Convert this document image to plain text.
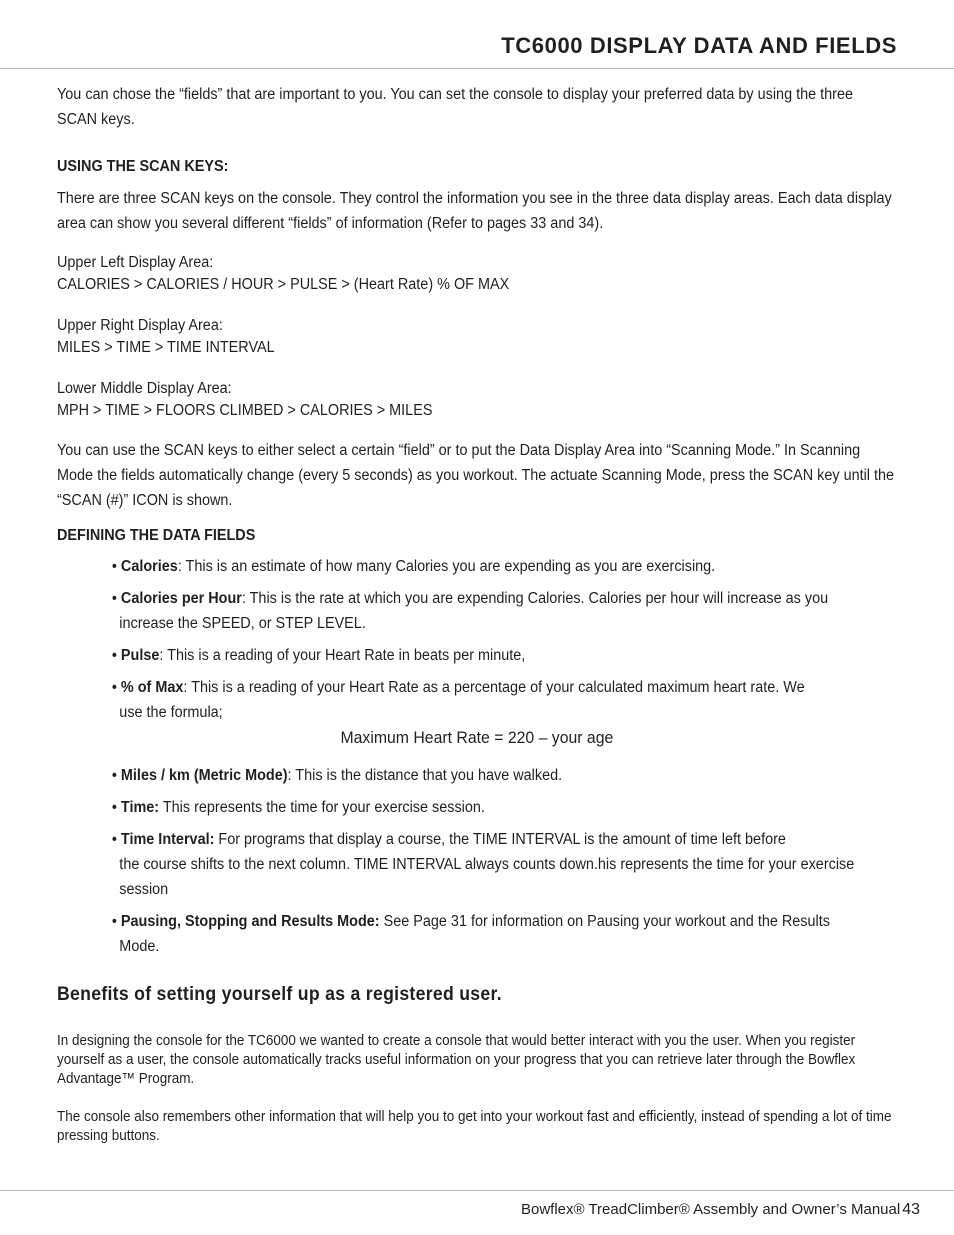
TC6000 DISPLAY DATA AND FIELDS

You can chose the “fields” that are important to you. You can set the console to display your preferred data by using the three SCAN keys.

USING THE SCAN KEYS:

There are three SCAN keys on the console. They control the information you see in the three data display areas. Each data display area can show you several different “fields” of information (Refer to pages 33 and 34).

Upper Left Display Area:

CALORIES > CALORIES / HOUR > PULSE > (Heart Rate) % OF MAX

Upper Right Display Area:

MILES > TIME > TIME INTERVAL

Lower Middle Display Area:

MPH > TIME > FLOORS CLIMBED > CALORIES > MILES

You can use the SCAN keys to either select a certain “field” or to put the Data Display Area into “Scanning Mode.” In Scanning Mode the fields automatically change (every 5 seconds) as you workout. The actuate Scanning Mode, press the SCAN key until the “SCAN (#)” ICON is shown.

DEFINING THE DATA FIELDS

• Calories: This is an estimate of how many Calories you are expending as you are exercising.
• Calories per Hour: This is the rate at which you are expending Calories. Calories per hour will increase as you
increase the SPEED, or STEP LEVEL.
• Pulse: This is a reading of your Heart Rate in beats per minute,
• % of Max: This is a reading of your Heart Rate as a percentage of your calculated maximum heart rate. We
use the formula;

Maximum Heart Rate = 220 – your age

• Miles / km (Metric Mode): This is the distance that you have walked.
• Time: This represents the time for your exercise session.
• Time Interval: For programs that display a course, the TIME INTERVAL is the amount of time left before
the course shifts to the next column. TIME INTERVAL always counts down.his represents the time for your exercise session
• Pausing, Stopping and Results Mode: See Page 31 for information on Pausing your workout and the Results
Mode.

Benefits of setting yourself up as a registered user.

In designing the console for the TC6000 we wanted to create a console that would better interact with you the user. When you register yourself as a user, the console automatically tracks useful information on your progress that you can retrieve later through the Bowflex Advantage™ Program.

The console also remembers other information that will help you to get into your workout fast and efficiently, instead of spending a lot of time pressing buttons.

Bowflex® TreadClimber® Assembly and Owner’s Manual 43
